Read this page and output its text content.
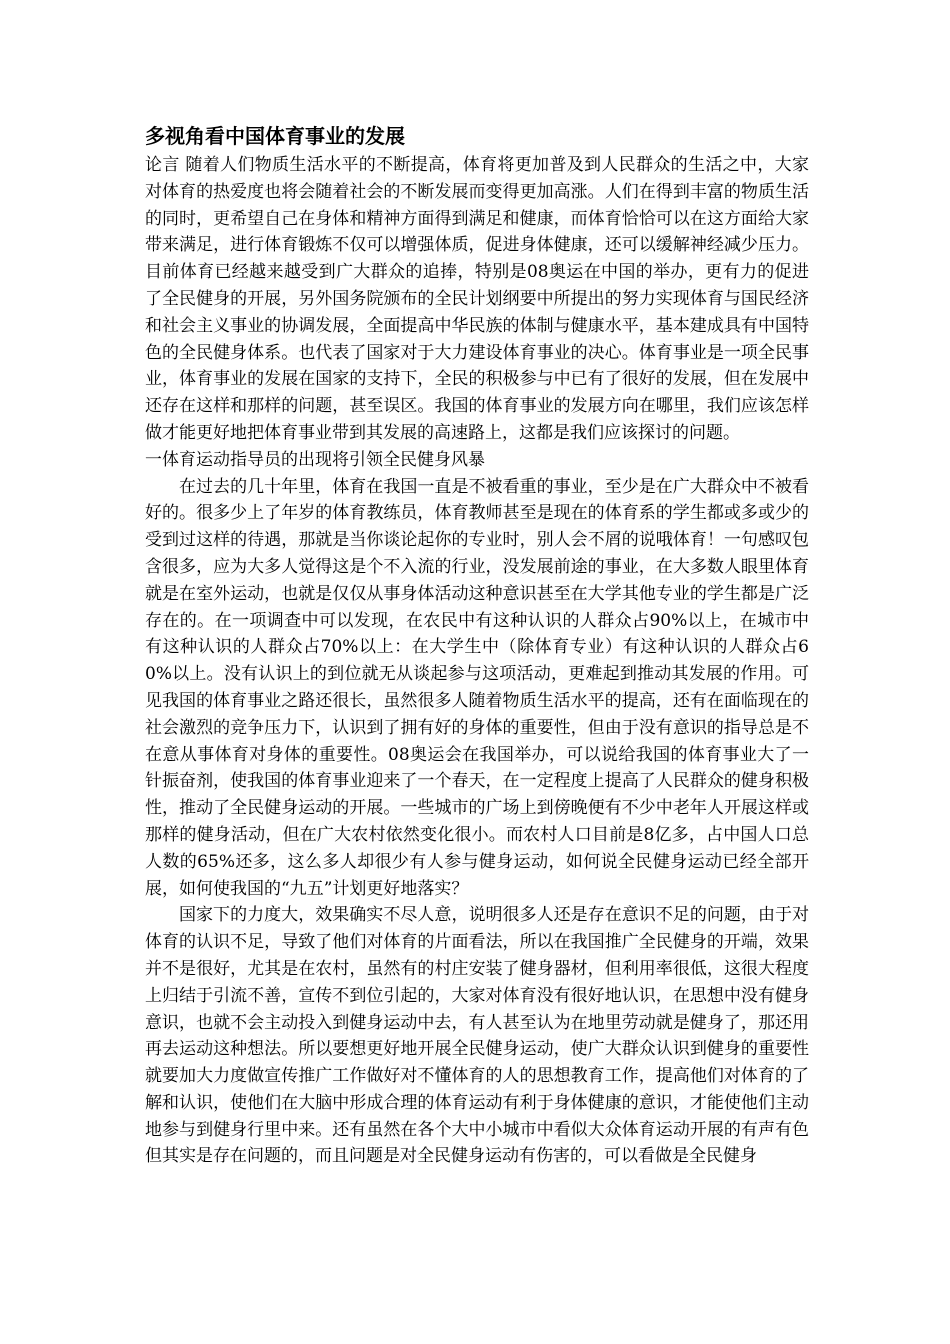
多视角看中国体育事业的发展

论言 随着人们物质生活水平的不断提高，体育将更加普及到人民群众的生活之中，大家对体育的热爱度也将会随着社会的不断发展而变得更加高涨。人们在得到丰富的物质生活的同时，更希望自己在身体和精神方面得到满足和健康，而体育恰恰可以在这方面给大家带来满足，进行体育锻炼不仅可以增强体质，促进身体健康，还可以缓解神经减少压力。目前体育已经越来越受到广大群众的追捧，特别是08奥运在中国的举办，更有力的促进了全民健身的开展，另外国务院颁布的全民计划纲要中所提出的努力实现体育与国民经济和社会主义事业的协调发展，全面提高中华民族的体制与健康水平，基本建成具有中国特色的全民健身体系。也代表了国家对于大力建设体育事业的决心。体育事业是一项全民事业，体育事业的发展在国家的支持下，全民的积极参与中已有了很好的发展，但在发展中还存在这样和那样的问题，甚至误区。我国的体育事业的发展方向在哪里，我们应该怎样做才能更好地把体育事业带到其发展的高速路上，这都是我们应该探讨的问题。

一体育运动指导员的出现将引领全民健身风暴

在过去的几十年里，体育在我国一直是不被看重的事业，至少是在广大群众中不被看好的。很多少上了年岁的体育教练员，体育教师甚至是现在的体育系的学生都或多或少的受到过这样的待遇，那就是当你谈论起你的专业时，别人会不屑的说哦体育！一句感叹包含很多，应为大多人觉得这是个不入流的行业，没发展前途的事业，在大多数人眼里体育就是在室外运动，也就是仅仅从事身体活动这种意识甚至在大学其他专业的学生都是广泛存在的。在一项调查中可以发现，在农民中有这种认识的人群众占90%以上，在城市中有这种认识的人群众占70%以上：在大学生中（除体育专业）有这种认识的人群众占60%以上。没有认识上的到位就无从谈起参与这项活动，更难起到推动其发展的作用。可见我国的体育事业之路还很长，虽然很多人随着物质生活水平的提高，还有在面临现在的社会激烈的竞争压力下，认识到了拥有好的身体的重要性，但由于没有意识的指导总是不在意从事体育对身体的重要性。08奥运会在我国举办，可以说给我国的体育事业大了一针振奋剂，使我国的体育事业迎来了一个春天，在一定程度上提高了人民群众的健身积极性，推动了全民健身运动的开展。一些城市的广场上到傍晚便有不少中老年人开展这样或那样的健身活动，但在广大农村依然变化很小。而农村人口目前是8亿多，占中国人口总人数的65%还多，这么多人却很少有人参与健身运动，如何说全民健身运动已经全部开展，如何使我国的“九五”计划更好地落实？

国家下的力度大，效果确实不尽人意，说明很多人还是存在意识不足的问题，由于对体育的认识不足，导致了他们对体育的片面看法，所以在我国推广全民健身的开端，效果并不是很好，尤其是在农村，虽然有的村庄安装了健身器材，但利用率很低，这很大程度上归结于引流不善，宣传不到位引起的，大家对体育没有很好地认识，在思想中没有健身意识，也就不会主动投入到健身运动中去，有人甚至认为在地里劳动就是健身了，那还用再去运动这种想法。所以要想更好地开展全民健身运动，使广大群众认识到健身的重要性就要加大力度做宣传推广工作做好对不懂体育的人的思想教育工作，提高他们对体育的了解和认识，使他们在大脑中形成合理的体育运动有利于身体健康的意识，才能使他们主动地参与到健身行里中来。还有虽然在各个大中小城市中看似大众体育运动开展的有声有色但其实是存在问题的，而且问题是对全民健身运动有伤害的，可以看做是全民健身
